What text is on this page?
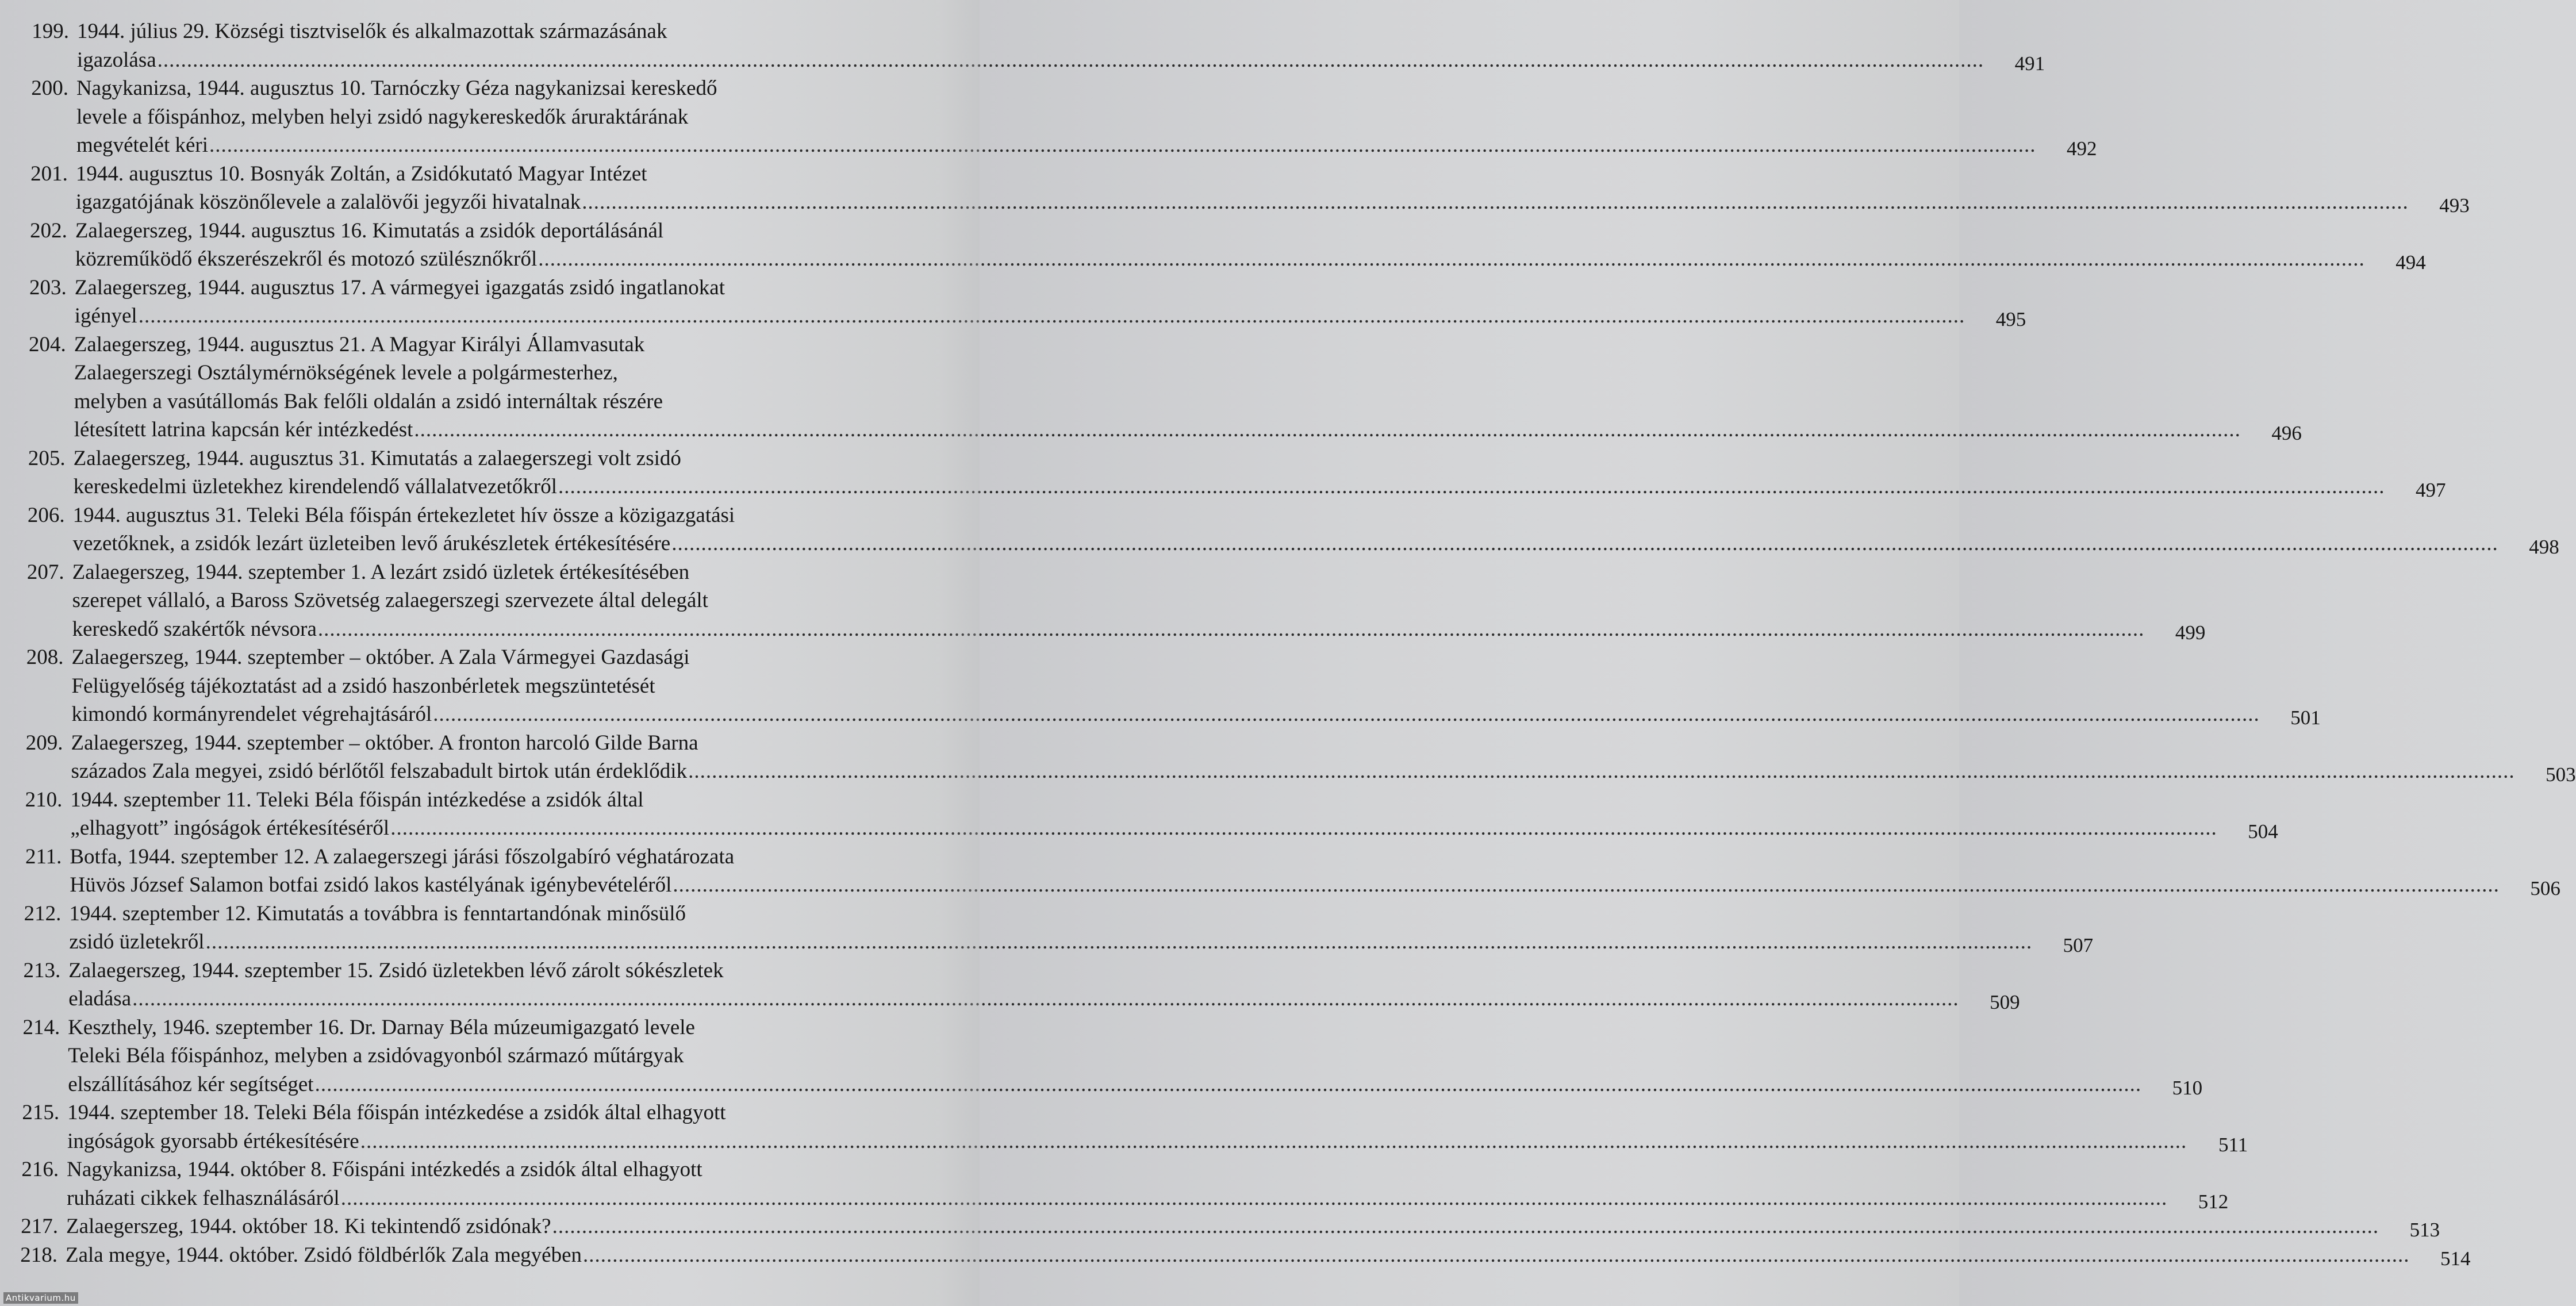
199. 1944. július 29. Községi tisztviselők és alkalmazottak származásának
igazolása .....	491
200. Nagykanizsa, 1944. augusztus 10. Tarnóczky Géza nagykanizsai kereskedő
levele a főispánhoz, melyben helyi zsidó nagykereskedők áruraktárának
megvételét kéri .....	492
201. 1944. augusztus 10. Bosnyák Zoltán, a Zsidókutató Magyar Intézet
igazgatójának köszönőlevele a zalalövői jegyzői hivatalnak .....	493
202. Zalaegerszeg, 1944. augusztus 16. Kimutatás a zsidók deportálásánál
közreműködő ékszerészekről és motozó szülésznőkről .....	494
203. Zalaegerszeg, 1944. augusztus 17. A vármegyei igazgatás zsidó ingatlanokat
igényel .....	495
204. Zalaegerszeg, 1944. augusztus 21. A Magyar Királyi Államvasutak
Zalaegerszegi Osztálymérnökségének levele a polgármesterhez,
melyben a vasútállomás Bak felőli oldalán a zsidó internáltak részére
létesített latrina kapcsán kér intézkedést .....	496
205. Zalaegerszeg, 1944. augusztus 31. Kimutatás a zalaegerszegi volt zsidó
kereskedelmi üzletekhez kirendelendő vállalatvezetőkről .....	497
206. 1944. augusztus 31. Teleki Béla főispán értekezletet hív össze a közigazgatási
vezetőknek, a zsidók lezárt üzleteiben levő árukészletek értékesítésére .....	498
207. Zalaegerszeg, 1944. szeptember 1. A lezárt zsidó üzletek értékesítésében
szerepet vállaló, a Baross Szövetség zalaegerszegi szervezete által delegált
kereskedő szakértők névsora .....	499
208. Zalaegerszeg, 1944. szeptember – október. A Zala Vármegyei Gazdasági
Felügyelőség tájékoztatást ad a zsidó haszonbérletek megszüntetését
kimondó kormányrendelet végrehajtásáról .....	501
209. Zalaegerszeg, 1944. szeptember – október. A fronton harcoló Gilde Barna
százados Zala megyei, zsidó bérlőtől felszabadult birtok után érdeklődik .....	503
210. 1944. szeptember 11. Teleki Béla főispán intézkedése a zsidók által
„elhagyott” ingóságok értékesítéséről .....	504
211. Botfa, 1944. szeptember 12. A zalaegerszegi járási főszolgabíró véghatározata
Hüvös József Salamon botfai zsidó lakos kastélyának igénybevételéről .....	506
212. 1944. szeptember 12. Kimutatás a továbbra is fenntartandónak minősülő
zsidó üzletekről .....	507
213. Zalaegerszeg, 1944. szeptember 15. Zsidó üzletekben lévő zárolt sókészletek
eladása .....	509
214. Keszthely, 1946. szeptember 16. Dr. Darnay Béla múzeumigazgató levele
Teleki Béla főispánhoz, melyben a zsidóvagyonból származó műtárgyak
elszállításához kér segítséget .....	510
215. 1944. szeptember 18. Teleki Béla főispán intézkedése a zsidók által elhagyott
ingóságok gyorsabb értékesítésére .....	511
216. Nagykanizsa, 1944. október 8. Főispáni intézkedés a zsidók által elhagyott
ruházati cikkek felhasználásáról .....	512
217. Zalaegerszeg, 1944. október 18. Ki tekintendő zsidónak? .....	513
218. Zala megye, 1944. október. Zsidó földbérlők Zala megyében .....	514
Antikvarium.hu
